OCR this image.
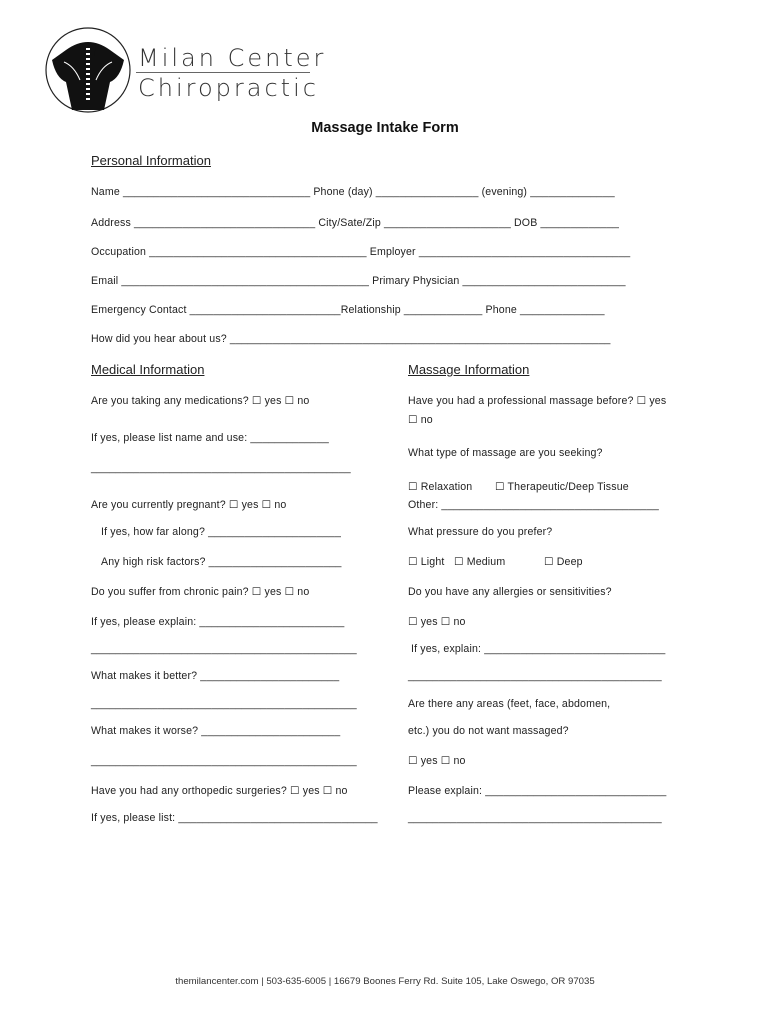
Milan Center
Chiropractic
Massage Intake Form
Personal Information
Name _______________________________ Phone (day) _________________ (evening) ______________
Address ______________________________ City/Sate/Zip _____________________ DOB _____________
Occupation ____________________________________ Employer ___________________________________
Email _________________________________________ Primary Physician ___________________________
Emergency Contact _________________________Relationship _____________ Phone ______________
How did you hear about us? _______________________________________________________________
Medical Information
Are you taking any medications? ☐ yes ☐ no
If yes, please list name and use: _____________
___________________________________________
Are you currently pregnant? ☐ yes ☐ no
If yes, how far along? ______________________
Any high risk factors? ______________________
Do you suffer from chronic pain? ☐ yes ☐ no
If yes, please explain: ________________________
____________________________________________
What makes it better? _______________________
____________________________________________
What makes it worse? _______________________
____________________________________________
Have you had any orthopedic surgeries? ☐ yes ☐ no
If yes, please list: _________________________________
Massage Information
Have you had a professional massage before? ☐ yes
☐ no
What type of massage are you seeking?
☐ Relaxation ☐ Therapeutic/Deep Tissue
Other: ____________________________________
What pressure do you prefer?
☐ Light ☐ Medium	☐ Deep
Do you have any allergies or sensitivities?
☐ yes ☐ no
If yes, explain: ______________________________
__________________________________________
Are there any areas (feet, face, abdomen,
etc.) you do not want massaged?
☐ yes ☐ no
Please explain: ______________________________
__________________________________________
themilancenter.com | 503-635-6005 | 16679 Boones Ferry Rd. Suite 105, Lake Oswego, OR 97035
